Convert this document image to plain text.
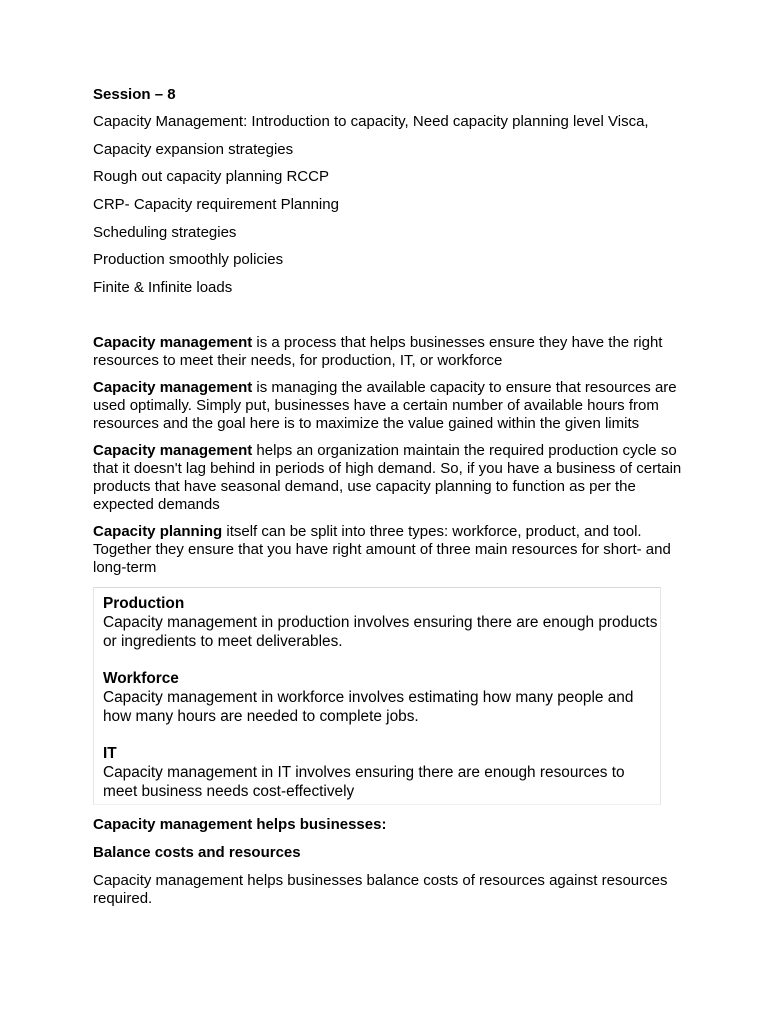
Session – 8
Capacity Management: Introduction to capacity, Need capacity planning level Visca,
Capacity expansion strategies
Rough out capacity planning RCCP
CRP- Capacity requirement Planning
Scheduling strategies
Production smoothly policies
Finite & Infinite loads
Capacity management is a process that helps businesses ensure they have the right resources to meet their needs, for production, IT, or workforce
Capacity management is managing the available capacity to ensure that resources are used optimally. Simply put, businesses have a certain number of available hours from resources and the goal here is to maximize the value gained within the given limits
Capacity management helps an organization maintain the required production cycle so that it doesn't lag behind in periods of high demand. So, if you have a business of certain products that have seasonal demand, use capacity planning to function as per the expected demands
Capacity planning itself can be split into three types: workforce, product, and tool. Together they ensure that you have right amount of three main resources for short- and long-term
Production
Capacity management in production involves ensuring there are enough products or ingredients to meet deliverables.
Workforce
Capacity management in workforce involves estimating how many people and how many hours are needed to complete jobs.
IT
Capacity management in IT involves ensuring there are enough resources to meet business needs cost-effectively
Capacity management helps businesses:
Balance costs and resources
Capacity management helps businesses balance costs of resources against resources required.
